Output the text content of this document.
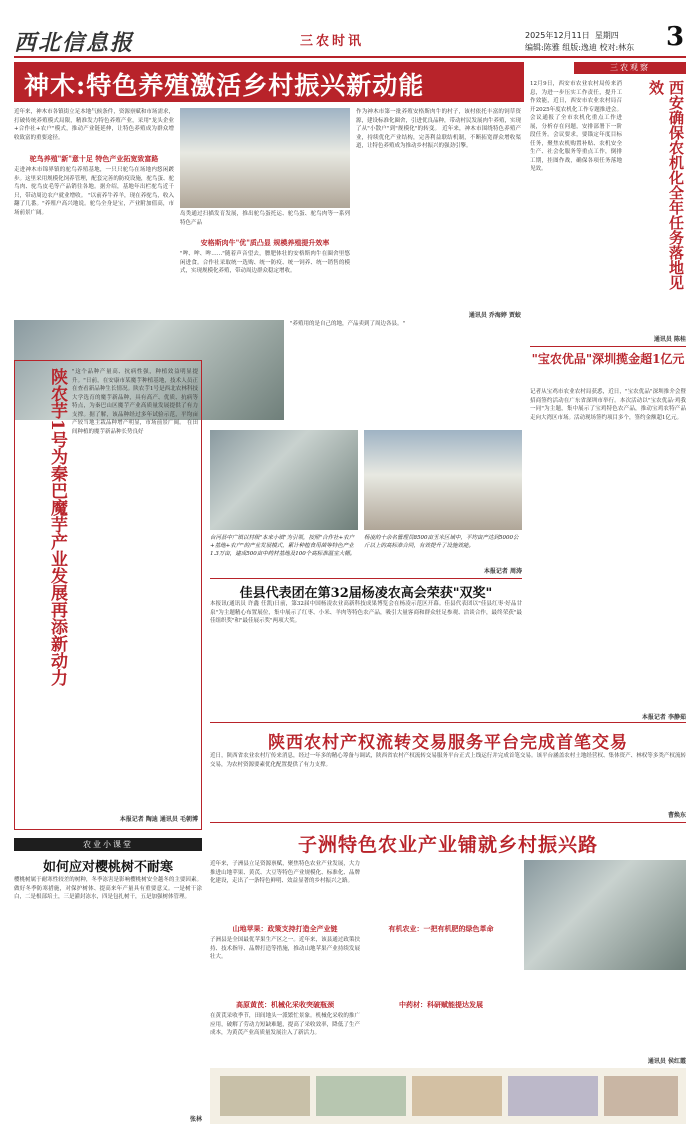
西北信息报	三农时讯	2025年12月11日 星期四
编辑:陈雅 组版:逸迪 校对:林东 3
神木:特色养殖激活乡村振兴新动能
近年来，神木市各镇街立足本地气候条件，资源禀赋和市场需求，打破传统养殖模式局限，精准发力特色养殖产业，采用"龙头企业+合作社+农户"模式，推动产业链延伸，让特色养殖成为群众增收致富的重要途径。
驼鸟养殖"新"意十足 特色产业拓宽致富路
走进神木市锦界镇的驼鸟养殖基地，一只只驼鸟在场地内悠闲踱步。这里采用规模化饲养管理，配套完善的防疫设施，驼鸟蛋、驼鸟肉、驼鸟皮毛等产品销往各地。据介绍，基地年出栏驼鸟近千只，带动周边农户就业增收。 "以前养牛养羊，现在养驼鸟，收入翻了几番。"养殖户高兴地说。驼鸟全身是宝，产业附加值高，市场前景广阔。	岛类通过扫描发育发展，推出驼鸟蛋托运、驼鸟蛋、驼鸟肉等一系列特色产品
安格斯肉牛"优"质凸显 规模养殖提升效率
"哞、哞、哞……"随着声音望去，膘肥体壮的安格斯肉牛在圈舍里悠闲进食。合作社采取统一选购、统一防疫、统一饲养、统一销售的模式，实现规模化养殖，带动周边群众稳定增收。
作为神木市第一批养殖安格斯肉牛的村子，该村依托丰富的饲草资源，建设标准化圈舍，引进优良品种，带动村民发展肉牛养殖，实现了从"小散户"到"规模化"的转变。 近年来，神木市围绕特色养殖产业，持续优化产业结构，完善利益联结机制，不断拓宽群众增收渠道，让特色养殖成为推动乡村振兴的强劲引擎。
通讯员 乔海婷 贾蛟
"养殖用的是自己的地，产品卖到了周边各县。"
三农观察
西安确保农机化全年任务落地见效
12月9日，西安市农业农村局传来消息，为进一步压实工作责任，提升工作效能，近日，西安市农业农村局召开2025年度农机化工作专题推进会。会议通报了全市农机化重点工作进展，分析存在问题，安排部署下一阶段任务。会议要求，要锚定年度目标任务，聚焦农机购置补贴、农机安全生产、社会化服务等重点工作，倒排工期，挂图作战，确保各项任务落地见效。
通讯员 陈桂
"宝农优品"深圳揽金超1亿元
记者从宝鸡市农业农村局获悉，近日，"宝农优品"深圳推介会暨招商签约活动在广东省深圳市举行。本次活动以"宝农优品·鸡我一同"为主题，集中展示了宝鸡特色农产品，推动宝鸡农特产品走向大湾区市场。活动现场签约项目多个，签约金额超1亿元。
本报记者 李静茹
陕农芋1号为秦巴魔芋产业发展再添新动力 "这个品种产量高、抗病性强，种植效益明显提升。"日前，在安康市某魔芋种植基地，技术人员正在查看新品种生长情况。陕农芋1号是西北农林科技大学选育的魔芋新品种，具有高产、优质、抗病等特点，为秦巴山区魔芋产业高质量发展提供了有力支撑。据了解，该品种经过多年试验示范，平均亩产较当地主栽品种增产明显，市场前景广阔。 在田间种植的魔芋新品种长势良好
本报记者 陶迪 通讯员 毛朝博
台河县中广镇以村级"本来小镇"为引领，按照"合作社+农户+基地+农户"的产业发展模式，累计种植食用菌等特色产业1.3万亩，建成500亩中药材基地及100个高标准温室大棚。
杨凌的十余名管理员8500亩玉米区域中，平均亩产达到5000公斤以上的高标准合同，有效提升了设施效能。
本报记者 周涛
佳县代表团在第32届杨凌农高会荣获"双奖"
本报讯(通讯员 许鑫 任凯)日前，第32届中国杨凌农业高新科技成果博览会在杨凌示范区开幕。佳县代表团以"佳县红枣·好品甘泉"为主题精心布置展位，集中展示了红枣、小米、羊肉等特色农产品，吸引大量客商和群众驻足参观、洽谈合作，最终荣获"最佳组织奖"和"最佳展示奖"两项大奖。
陕西农村产权流转交易服务平台完成首笔交易
近日，陕西省农业农村厅传来消息，经过一年多的精心筹备与调试，陕西省农村产权流转交易服务平台正式上线运行并完成首笔交易。该平台涵盖农村土地经营权、集体资产、林权等多类产权流转交易，为农村资源要素优化配置提供了有力支撑。
曹焕东
子洲特色农业产业铺就乡村振兴路
近年来，子洲县立足资源禀赋，聚焦特色农业产业发展，大力推进山地苹果、黄芪、大豆等特色产业规模化、标准化、品牌化建设，走出了一条特色鲜明、效益显著的乡村振兴之路。
山地苹果：政策支持打造全产业链
子洲县是全国最优苹果生产区之一。近年来，该县通过政策扶持、技术指导、品牌打造等措施，推动山地苹果产业持续发展壮大。
高原黄芪：机械化采收突破瓶颈
在黄芪采收季节，田间地头一派繁忙景象。机械化采收的推广应用，破解了劳动力短缺难题，提高了采收效率，降低了生产成本，为黄芪产业高质量发展注入了新活力。
有机农业：一把有机肥的绿色革命
中药材：科研赋能提达发展
通讯员 侯红霞
农业小课堂
如何应对樱桃树不耐寒
樱桃树属于耐寒性较差的树种，冬季冻害是影响樱桃树安全越冬的主要因素。做好冬季防寒措施，对保护树体、提高来年产量具有重要意义。一是树干涂白，二是根部培土，三是灌封冻水，四是包扎树干，五是加强树体管理。
张林
